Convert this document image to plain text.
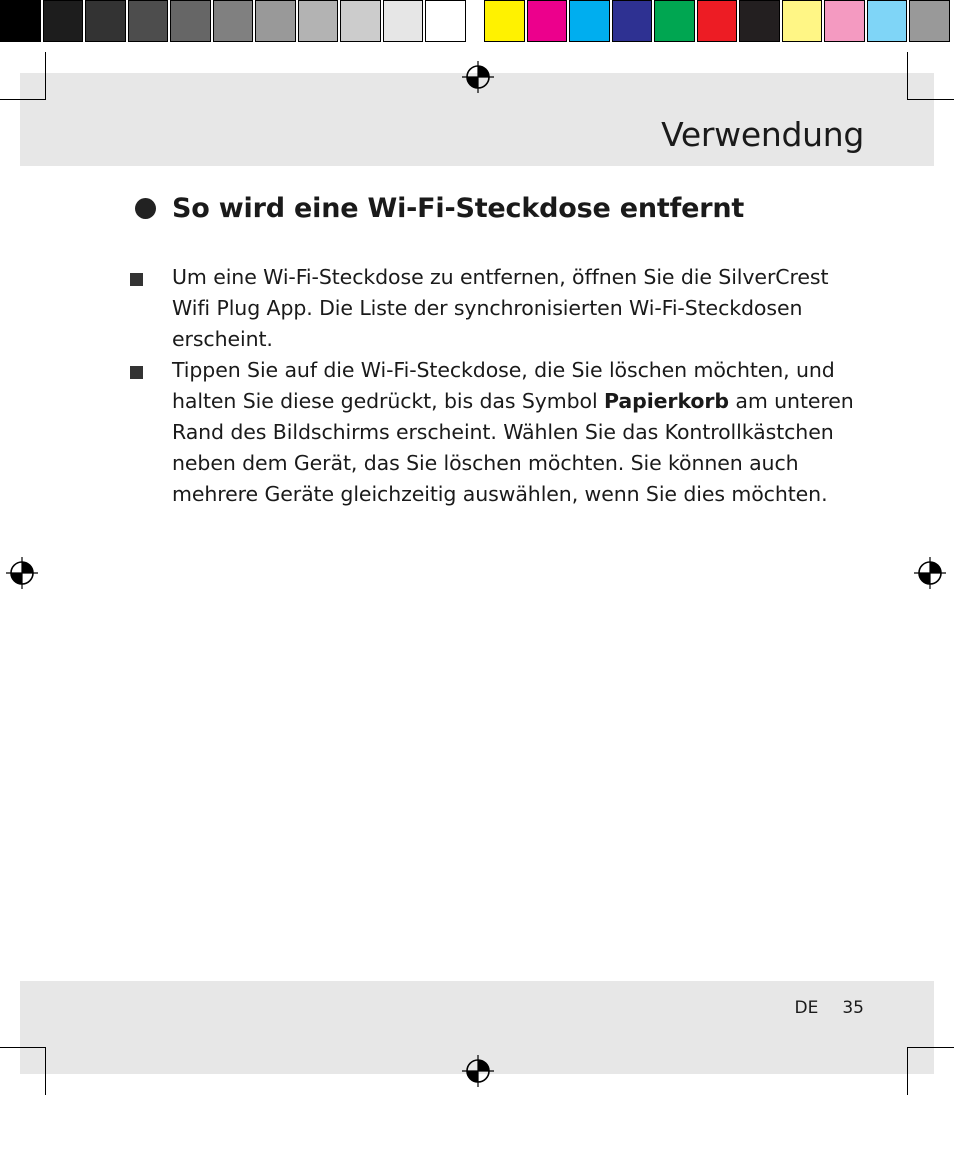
Verwendung
So wird eine Wi-Fi-Steckdose entfernt
Um eine Wi-Fi-Steckdose zu entfernen, öffnen Sie die SilverCrest Wifi Plug App. Die Liste der synchronisierten Wi-Fi-Steckdosen erscheint.
Tippen Sie auf die Wi-Fi-Steckdose, die Sie löschen möchten, und halten Sie diese gedrückt, bis das Symbol Papierkorb am unteren Rand des Bildschirms erscheint. Wählen Sie das Kontrollkästchen neben dem Gerät, das Sie löschen möchten. Sie können auch mehrere Geräte gleichzeitig auswählen, wenn Sie dies möchten.
DE 35
